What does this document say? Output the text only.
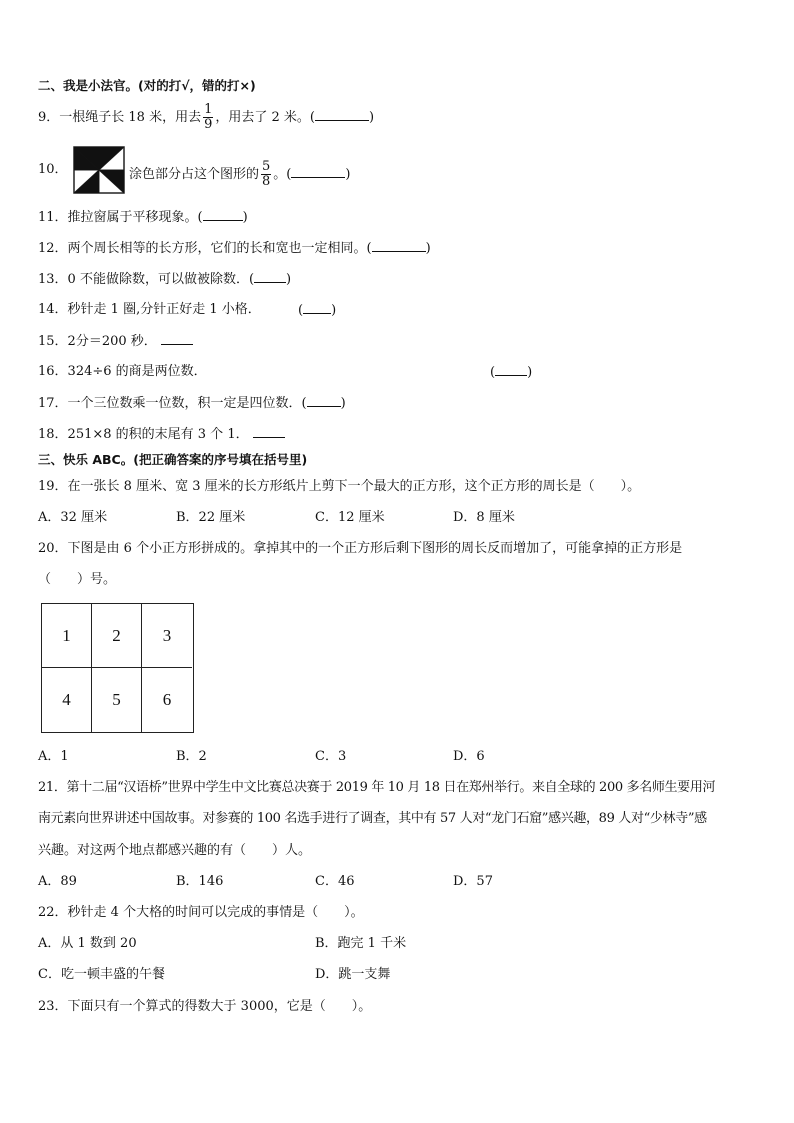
二、我是小法官。(对的打√，错的打×)
9．一根绳子长 18 米，用去 $\frac{1}{9}$ ，用去了 2 米。(	)
10．	涂色部分占这个图形的 $\frac{5}{8}$ 。(	)
11．推拉窗属于平移现象。(	)
12．两个周长相等的长方形，它们的长和宽也一定相同。(	)
13．0 不能做除数，可以做被除数．( )
14．秒针走 1 圈,分针正好走 1 小格．	( )
15．2分＝200 秒．
16．324÷6 的商是两位数．	( )
17．一个三位数乘一位数，积一定是四位数．(	)
18．251×8 的积的末尾有 3 个 1．
三、快乐 ABC。(把正确答案的序号填在括号里)
19．在一张长 8 厘米、宽 3 厘米的长方形纸片上剪下一个最大的正方形，这个正方形的周长是（　　）。
A．32 厘米	B．22 厘米	C．12 厘米	D．8 厘米
20．下图是由 6 个小正方形拼成的。拿掉其中的一个正方形后剩下图形的周长反而增加了，可能拿掉的正方形是
（　　）号。
1	2	3
4	5	6
A．1	B．2	C．3	D．6
21．第十二届“汉语桥”世界中学生中文比赛总决赛于 2019 年 10 月 18 日在郑州举行。来自全球的 200 多名师生要用河
南元素向世界讲述中国故事。对参赛的 100 名选手进行了调查，其中有 57 人对“龙门石窟”感兴趣，89 人对“少林寺”感
兴趣。对这两个地点都感兴趣的有（　　）人。
A．89	B．146	C．46	D．57
22．秒针走 4 个大格的时间可以完成的事情是（　　）。
A．从 1 数到 20	B．跑完 1 千米
C．吃一顿丰盛的午餐	D．跳一支舞
23．下面只有一个算式的得数大于 3000，它是（　　）。
